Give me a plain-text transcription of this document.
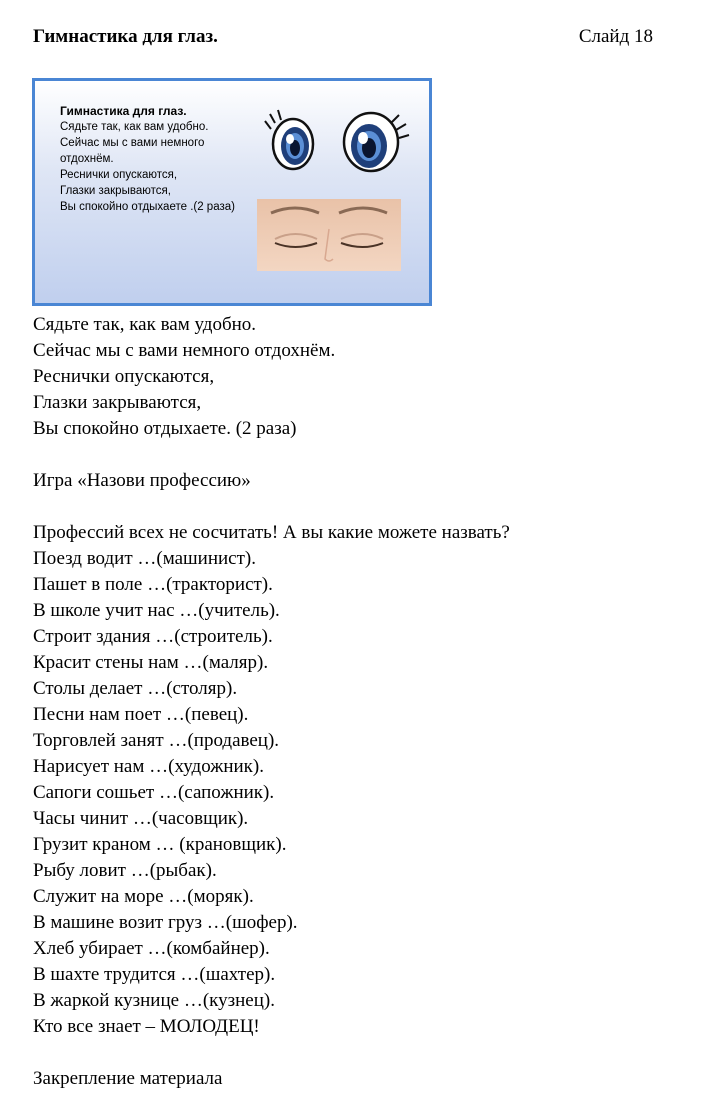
Гимнастика для глаз.	Слайд 18
Гимнастика для глаз.
Сядьте так, как вам удобно.
Сейчас мы с вами немного
отдохнём.
Реснички опускаются,
Глазки закрываются,
Вы спокойно отдыхаете .(2 раза)
Сядьте так, как вам удобно.
Сейчас мы с вами немного отдохнём.
Реснички опускаются,
Глазки закрываются,
Вы спокойно отдыхаете. (2 раза)
Игра «Назови профессию»
Профессий всех не сосчитать! А вы какие можете назвать?
Поезд водит …(машинист).
Пашет в поле …(тракторист).
В школе учит нас …(учитель).
Строит здания …(строитель).
Красит стены нам …(маляр).
Столы делает …(столяр).
Песни нам поет …(певец).
Торговлей занят …(продавец).
Нарисует нам …(художник).
Сапоги сошьет …(сапожник).
Часы чинит …(часовщик).
Грузит краном … (крановщик).
Рыбу ловит …(рыбак).
Служит на море …(моряк).
В машине возит груз …(шофер).
Хлеб убирает …(комбайнер).
В шахте трудится …(шахтер).
В жаркой кузнице …(кузнец).
Кто все знает – МОЛОДЕЦ!
Закрепление материала
